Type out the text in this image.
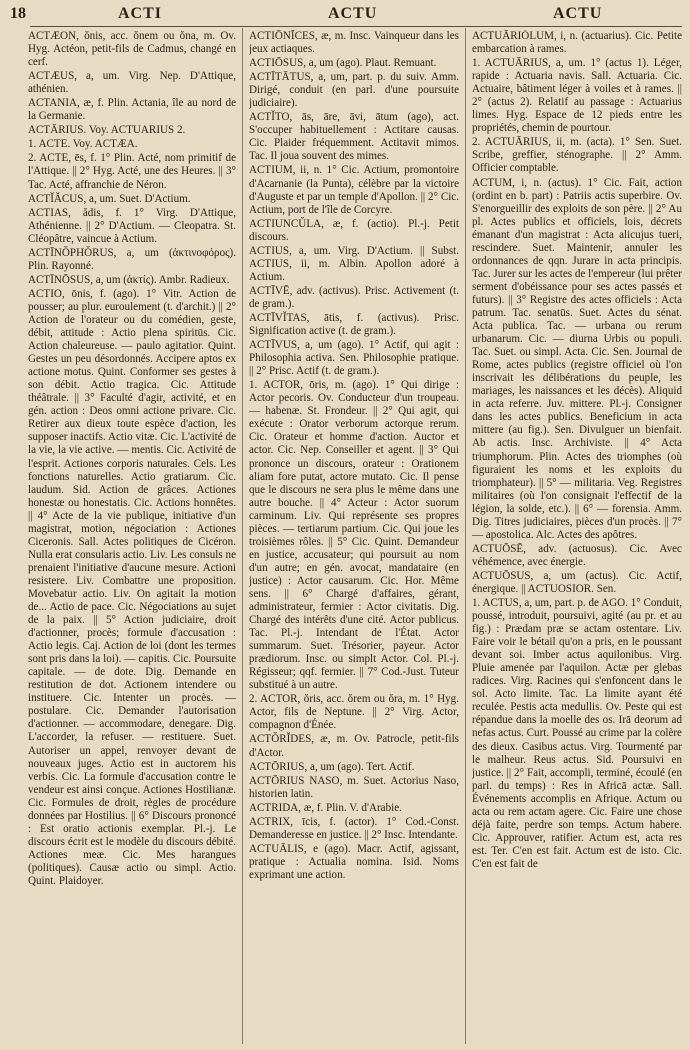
18	ACTI	ACTU	ACTU

ACTÆON, ŏnis, acc. ŏnem ou ŏna, m. Ov. Hyg. Actéon, petit-fils de Cadmus, changé en cerf.

ACTÆUS, a, um. Virg. Nep. D'Attique, athénien.

ACTANIA, æ, f. Plin. Actania, île au nord de la Germanie.

ACTĀRIUS. Voy. ACTUARIUS 2.

1. ACTE. Voy. ACTÆA.

2. ACTE, ēs, f. 1° Plin. Acté, nom primitif de l'Attique. || 2° Hyg. Acté, une des Heures. || 3° Tac. Acté, affranchie de Néron.

ACTĬĂCUS, a, um. Suet. D'Actium.

ACTIAS, ădis, f. 1° Virg. D'Attique, Athénienne. || 2° D'Actium. — Cleopatra. St. Cléopâtre, vaincue à Actium.

ACTĪNŎPHŎRUS, a, um (ἀκτινοφόρος). Plin. Rayonné.

ACTĪNŌSUS, a, um (ἀκτίς). Ambr. Radieux.

ACTIO, ōnis, f. (ago). 1° Vitr. Action de pousser; au plur. euroulement (t. d'archit.) || 2° Action de l'orateur ou du comédien, geste, débit, attitude : Actio plena spiritūs. Cic. Action chaleureuse. — paulo agitatior. Quint. Gestes un peu désordonnés. Accipere aptos ex actione motus. Quint. Conformer ses gestes à son débit. Actio tragica. Cic. Attitude théâtrale. || 3° Faculté d'agir, activité, et en gén. action : Deos omni actione privare. Cic. Retirer aux dieux toute espèce d'action, les supposer inactifs. Actio vitæ. Cic. L'activité de la vie, la vie active. — mentis. Cic. Activité de l'esprit. Actiones corporis naturales. Cels. Les fonctions naturelles. Actio gratiarum. Cic. laudum. Sid. Action de grâces. Actiones honestæ ou honestatis. Cic. Actions honnêtes. || 4° Acte de la vie publique, initiative d'un magistrat, motion, négociation : Actiones Ciceronis. Sall. Actes politiques de Cicéron. Nulla erat consularis actio. Liv. Les consuls ne prenaient l'initiative d'aucune mesure. Actioni resistere. Liv. Combattre une proposition. Movebatur actio. Liv. On agitait la motion de... Actio de pace. Cic. Négociations au sujet de la paix. || 5° Action judiciaire, droit d'actionner, procès; formule d'accusation : Actio legis. Caj. Action de loi (dont les termes sont pris dans la loi). — capitis. Cic. Poursuite capitale. — de dote. Dig. Demande en restitution de dot. Actionem intendere ou instituere. Cic. Intenter un procès. — postulare. Cic. Demander l'autorisation d'actionner. — accommodare, denegare. Dig. L'accorder, la refuser. — restituere. Suet. Autoriser un appel, renvoyer devant de nouveaux juges. Actio est in auctorem his verbis. Cic. La formule d'accusation contre le vendeur est ainsi conçue. Actiones Hostilianæ. Cic. Formules de droit, règles de procédure données par Hostilius. || 6° Discours prononcé : Est oratio actionis exemplar. Pl.-j. Le discours écrit est le modèle du discours débité. Actiones meæ. Cic. Mes harangues (politiques). Causæ actio ou simpl. Actio. Quint. Plaidoyer.

ACTIŌNĪCES, æ, m. Insc. Vainqueur dans les jeux actiaques.

ACTIŌSUS, a, um (ago). Plaut. Remuant.

ACTĪTĀTUS, a, um, part. p. du suiv. Amm. Dirigé, conduit (en parl. d'une poursuite judiciaire).

ACTĬTO, ās, āre, āvi, ātum (ago), act. S'occuper habituellement : Actitare causas. Cic. Plaider fréquemment. Actitavit mimos. Tac. Il joua souvent des mimes.

ACTIUM, ii, n. 1° Cic. Actium, promontoire d'Acarnanie (la Punta), célèbre par la victoire d'Auguste et par un temple d'Apollon. || 2° Cic. Actium, port de l'île de Corcyre.

ACTIUNCŬLA, æ, f. (actio). Pl.-j. Petit discours.

ACTIUS, a, um. Virg. D'Actium. || Subst. ACTIUS, ii, m. Albin. Apollon adoré à Actium.

ACTĪVĒ, adv. (activus). Prisc. Activement (t. de gram.).

ACTĪVĬTAS, ātis, f. (activus). Prisc. Signification active (t. de gram.).

ACTĪVUS, a, um (ago). 1° Actif, qui agit : Philosophia activa. Sen. Philosophie pratique. || 2° Prisc. Actif (t. de gram.).

1. ACTOR, ōris, m. (ago). 1° Qui dirige : Actor pecoris. Ov. Conducteur d'un troupeau. — habenæ. St. Frondeur. || 2° Qui agit, qui exécute : Orator verborum actorque rerum. Cic. Orateur et homme d'action. Auctor et actor. Cic. Nep. Conseiller et agent. || 3° Qui prononce un discours, orateur : Orationem aliam fore putat, actore mutato. Cic. Il pense que le discours ne sera plus le même dans une autre bouche. || 4° Acteur : Actor suorum carminum. Liv. Qui représente ses propres pièces. — tertiarum partium. Cic. Qui joue les troisièmes rôles. || 5° Cic. Quint. Demandeur en justice, accusateur; qui poursuit au nom d'un autre; en gén. avocat, mandataire (en justice) : Actor causarum. Cic. Hor. Même sens. || 6° Chargé d'affaires, gérant, administrateur, fermier : Actor civitatis. Dig. Chargé des intérêts d'une cité. Actor publicus. Tac. Pl.-j. Intendant de l'État. Actor summarum. Suet. Trésorier, payeur. Actor prædiorum. Insc. ou simplt Actor. Col. Pl.-j. Régisseur; qqf. fermier. || 7° Cod.-Just. Tuteur substitué à un autre.

2. ACTOR, ŏris, acc. ŏrem ou ŏra, m. 1° Hyg. Actor, fils de Neptune. || 2° Virg. Actor, compagnon d'Énée.

ACTŎRĬDES, æ, m. Ov. Patrocle, petit-fils d'Actor.

ACTŌRIUS, a, um (ago). Tert. Actif.

ACTŌRIUS NASO, m. Suet. Actorius Naso, historien latin.

ACTRIDA, æ, f. Plin. V. d'Arabie.

ACTRIX, īcis, f. (actor). 1° Cod.-Const. Demanderesse en justice. || 2° Insc. Intendante.

ACTUĀLIS, e (ago). Macr. Actif, agissant, pratique : Actualia nomina. Isid. Noms exprimant une action.

ACTUĀRIŎLUM, i, n. (actuarius). Cic. Petite embarcation à rames.

1. ACTUĀRIUS, a, um. 1° (actus 1). Léger, rapide : Actuaria navis. Sall. Actuaria. Cic. Actuaire, bâtiment léger à voiles et à rames. || 2° (actus 2). Relatif au passage : Actuarius limes. Hyg. Espace de 12 pieds entre les propriétés, chemin de pourtour.

2. ACTUĀRIUS, ii, m. (acta). 1° Sen. Suet. Scribe, greffier, sténographe. || 2° Amm. Officier comptable.

ACTUM, i, n. (actus). 1° Cic. Fait, action (ordint en b. part) : Patriis actis superbire. Ov. S'enorgueillir des exploits de son père. || 2° Au pl. Actes publics et officiels, lois, décrets émanant d'un magistrat : Acta alicujus tueri, rescindere. Suet. Maintenir, annuler les ordonnances de qqn. Jurare in acta principis. Tac. Jurer sur les actes de l'empereur (lui prêter serment d'obéissance pour ses actes passés et futurs). || 3° Registre des actes officiels : Acta patrum. Tac. senatūs. Suet. Actes du sénat. Acta publica. Tac. — urbana ou rerum urbanarum. Cic. — diurna Urbis ou populi. Tac. Suet. ou simpl. Acta. Cic. Sen. Journal de Rome, actes publics (registre officiel où l'on inscrivait les délibérations du peuple, les mariages, les naissances et les décès). Aliquid in acta referre. Juv. mittere. Pl.-j. Consigner dans les actes publics. Beneficium in acta mittere (au fig.). Sen. Divulguer un bienfait. Ab actis. Insc. Archiviste. || 4° Acta triumphorum. Plin. Actes des triomphes (où figuraient les noms et les exploits du triomphateur). || 5° — militaria. Veg. Registres militaires (où l'on consignait l'effectif de la légion, la solde, etc.). || 6° — forensia. Amm. Dig. Titres judiciaires, pièces d'un procès. || 7° — apostolica. Alc. Actes des apôtres.

ACTUŌSĒ, adv. (actuosus). Cic. Avec véhémence, avec énergie.

ACTUŌSUS, a, um (actus). Cic. Actif, énergique. || ACTUOSIOR. Sen.

1. ACTUS, a, um, part. p. de AGO. 1° Conduit, poussé, introduit, poursuivi, agité (au pr. et au fig.) : Prædam præ se actam ostentare. Liv. Faire voir le bétail qu'on a pris, en le poussant devant soi. Imber actus aquilonibus. Virg. Pluie amenée par l'aquilon. Actæ per glebas radices. Virg. Racines qui s'enfoncent dans le sol. Acto limite. Tac. La limite ayant été reculée. Pestis acta medullis. Ov. Peste qui est répandue dans la moelle des os. Irā deorum ad nefas actus. Curt. Poussé au crime par la colère des dieux. Casibus actus. Virg. Tourmenté par le malheur. Reus actus. Sid. Poursuivi en justice. || 2° Fait, accompli, terminé, écoulé (en parl. du temps) : Res in Africā actæ. Sall. Événements accomplis en Afrique. Actum ou acta ou rem actam agere. Cic. Faire une chose déjà faite, perdre son temps. Actum habere. Cic. Approuver, ratifier. Actum est, acta res est. Ter. C'en est fait. Actum est de isto. Cic. C'en est fait de
